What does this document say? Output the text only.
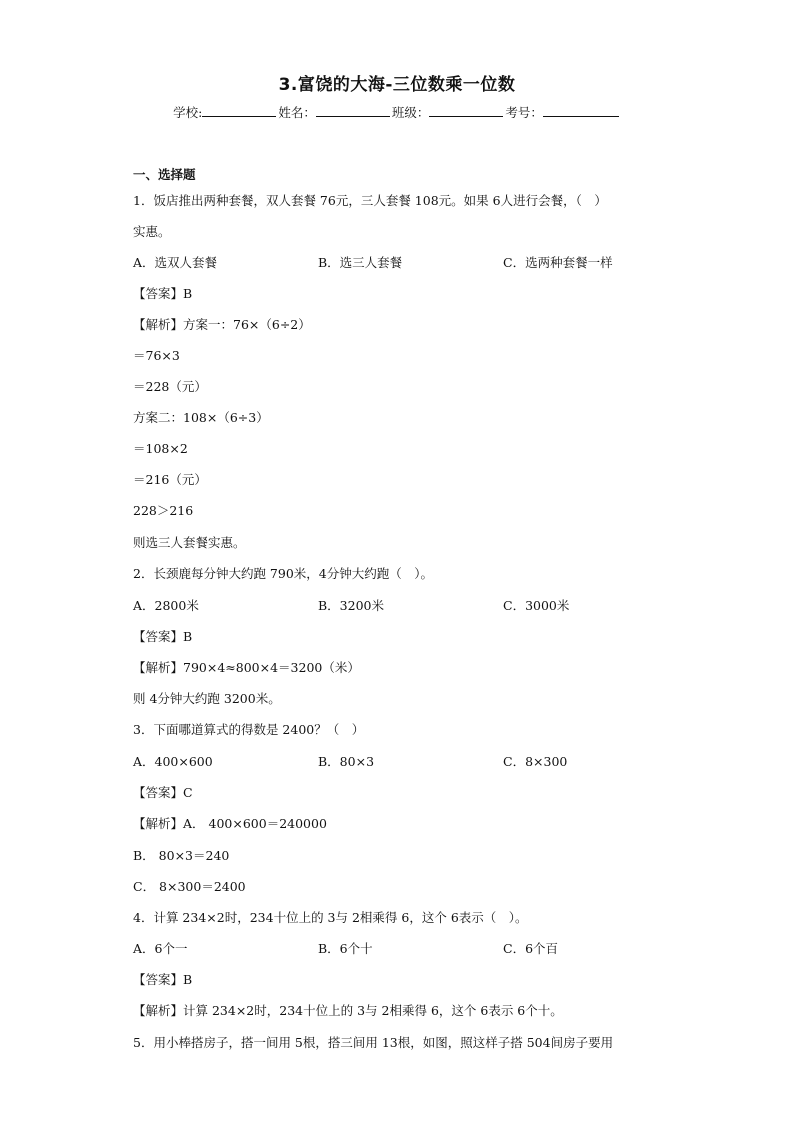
3.富饶的大海-三位数乘一位数
学校:	姓名：	班级：	考号：
一、选择题
1．饭店推出两种套餐，双人套餐 76元，三人套餐 108元。如果 6人进行会餐，（　）
实惠。
A．选双人套餐	B．选三人套餐	C．选两种套餐一样
【答案】B
【解析】方案一：76×（6÷2）
＝76×3
＝228（元）
方案二：108×（6÷3）
＝108×2
＝216（元）
228＞216
则选三人套餐实惠。
2．长颈鹿每分钟大约跑 790米，4分钟大约跑（　）。
A．2800米	B．3200米	C．3000米
【答案】B
【解析】790×4≈800×4＝3200（米）
则 4分钟大约跑 3200米。
3．下面哪道算式的得数是 2400？（　）
A．400×600	B．80×3	C．8×300
【答案】C
【解析】A． 400×600＝240000
B． 80×3＝240
C． 8×300＝2400
4．计算 234×2时，234十位上的 3与 2相乘得 6，这个 6表示（　）。
A．6个一	B．6个十	C．6个百
【答案】B
【解析】计算 234×2时，234十位上的 3与 2相乘得 6，这个 6表示 6个十。
5．用小棒搭房子，搭一间用 5根，搭三间用 13根，如图，照这样子搭 504间房子要用
